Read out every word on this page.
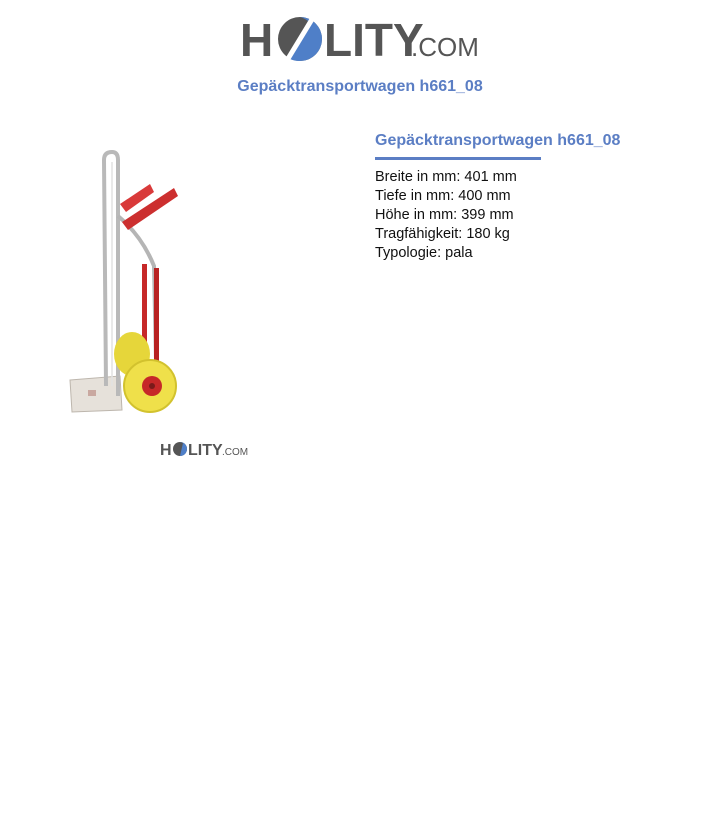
H LITY
.COM
Gepäcktransportwagen h661_08
H LITY .COM
Gepäcktransportwagen h661_08
Breite in mm: 401 mm
Tiefe in mm: 400 mm
Höhe in mm: 399 mm
Tragfähigkeit: 180 kg
Typologie: pala
